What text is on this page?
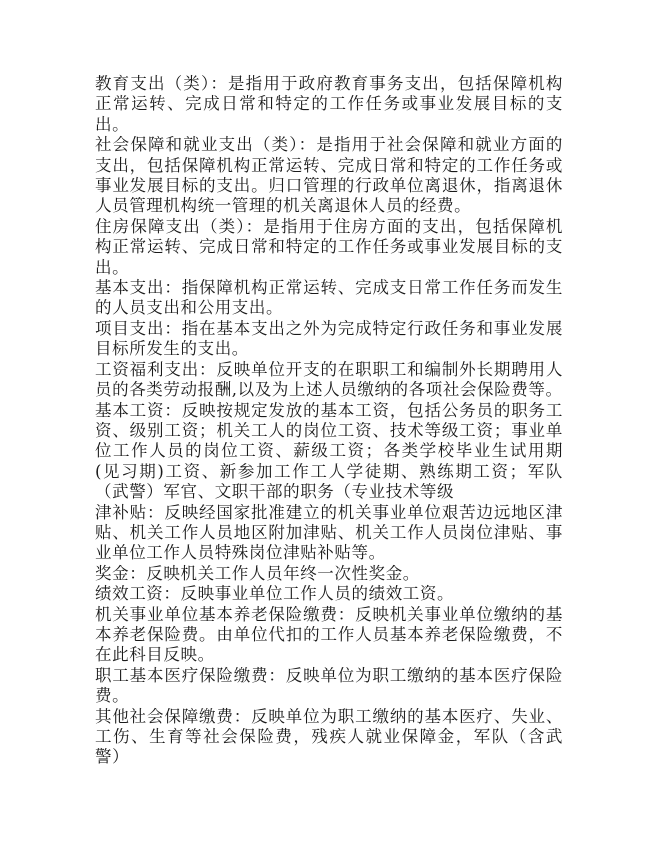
教育支出（类）：是指用于政府教育事务支出，包括保障机构正常运转、完成日常和特定的工作任务或事业发展目标的支出。

社会保障和就业支出（类）：是指用于社会保障和就业方面的支出，包括保障机构正常运转、完成日常和特定的工作任务或事业发展目标的支出。归口管理的行政单位离退休，指离退休人员管理机构统一管理的机关离退休人员的经费。

住房保障支出（类）：是指用于住房方面的支出，包括保障机构正常运转、完成日常和特定的工作任务或事业发展目标的支出。

基本支出：指保障机构正常运转、完成支日常工作任务而发生的人员支出和公用支出。

项目支出：指在基本支出之外为完成特定行政任务和事业发展目标所发生的支出。

工资福利支出：反映单位开支的在职职工和编制外长期聘用人员的各类劳动报酬,以及为上述人员缴纳的各项社会保险费等。

基本工资：反映按规定发放的基本工资，包括公务员的职务工资、级别工资；机关工人的岗位工资、技术等级工资；事业单位工作人员的岗位工资、薪级工资；各类学校毕业生试用期(见习期)工资、新参加工作工人学徒期、熟练期工资；军队（武警）军官、文职干部的职务（专业技术等级

津补贴：反映经国家批准建立的机关事业单位艰苦边远地区津贴、机关工作人员地区附加津贴、机关工作人员岗位津贴、事业单位工作人员特殊岗位津贴补贴等。

奖金：反映机关工作人员年终一次性奖金。

绩效工资：反映事业单位工作人员的绩效工资。

机关事业单位基本养老保险缴费：反映机关事业单位缴纳的基本养老保险费。由单位代扣的工作人员基本养老保险缴费，不在此科目反映。

职工基本医疗保险缴费：反映单位为职工缴纳的基本医疗保险费。

其他社会保障缴费：反映单位为职工缴纳的基本医疗、失业、工伤、生育等社会保险费，残疾人就业保障金，军队（含武警）
